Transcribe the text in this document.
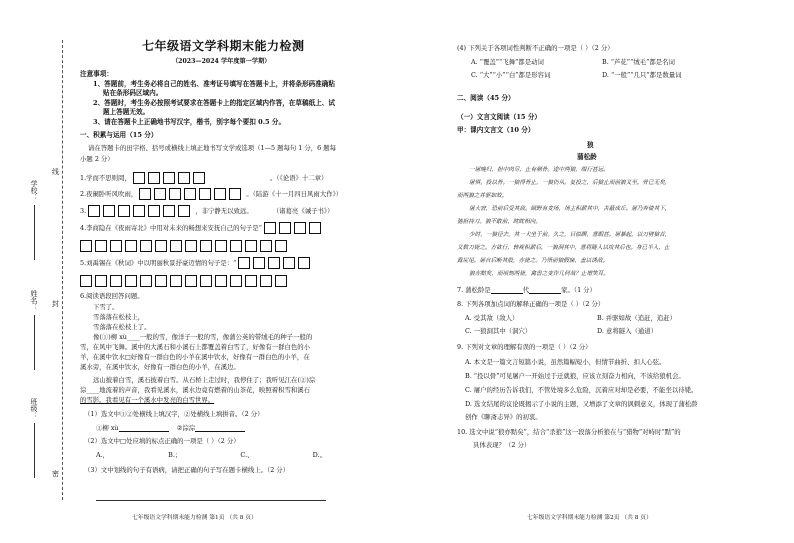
线
封
密
学校：
姓名：
班级：
七年级语文学科期末能力检测
（2023—2024 学年度第一学期）
注意事项：
1、答题前，考生务必将自己的姓名、准考证号填写在答题卡上，并将条形码准确粘
贴在条形码区域内。
2、答题时，考生务必按照考试要求在答题卡上的指定区域内作答，在草稿纸上、试
题上答题无效。
3、请在答题卡上正确地书写汉字，楷书，别字每个要扣 0.5 分。
一、积累与运用（15 分）
请在答题卡的田字格、括号或横线上填正地书写文学或选项（1—5 题每句 1 分，6 题每
小题 2 分）
1.学而不思则罔，	。（《论语》十二章）
2.夜阑卧听风吹雨，	。（陆游《十一月四日风雨大作》）
3.	，非宁静无以致远。	（诸葛亮《诫子书》）
4.李商隐在《夜雨寄北》中用对未来的畅想来安抚自己的句子是“
5.刘禹锡在《秋词》中以明丽秋景抒豪迈情的句子是：“
6.阅读语段回答问题。
下雪了。
雪落落在松枝上，
雪落落在松枝上了。
像(①)柳 xù____一般的雪，像洋子一般的雪，像蒲公英的带绒毛的种子一般的
雪，在风中飞舞。溪中的大溪石和小溪石上都覆盖着白雪了，好像有一群白色的小
羊，在溪中饮水□好像有一群白色的小羊在溪中饮水，好像有一群白色的小羊，在
溪水旁，在溪中饮水，好像有一群白色的小羊，在溪边。
远山披着白雪，溪石披着白雪。从石桥上走过时，我停住了；我听见江在(②)淙
淙____地流着的声音，我看见溪水，溪水边竟有燃着的山茶花，映照着积雪和溪石
的雪影。我看见有一个溪水中发亮的白雪世界。
（1）选文中①②处横线上填汉字，②处横线上填拼音。（2 分）
①柳 xù	②淙淙
（2）选文中□处应填的标点正确的一项是（ ）（2 分）
A.，	B.；	C.、	D.。
（3）文中划线的句子有语病，请把正确的句子写在题卡横线上。（2 分）
七年级语文学科期末能力检测 第1页 （共 8 页）
(4) 下列关于各项词性判断不正确的一项是（ ）（2 分）
A. “覆盖”“飞舞”都是动词	B. “芦花”“绒毛”都是名词
C. “大”“小”“白”都是形容词	D. “一般”“几只”都是数量词
二、阅读（45 分）
（一）文言文阅读（15 分）
甲：课内文言文（10 分）
狼
蒲松龄
一屠晚归，担中肉尽，止有剩骨。途中两狼，缀行甚远。
屠惧，投以骨。一狼得骨止，一狼仍从。复投之，后狼止而前狼又至。骨已无矣，
而两狼之并驱如故。
屠大窘，恐前后受其敌。顾野有麦场，场主积薪其中，苫蔽成丘。屠乃奔倚其下，
弛担持刀。狼不敢前，眈眈相向。
少时，一狼径去，其一犬坐于前。久之，目似瞑，意暇甚。屠暴起，以刀劈狼首，
又数刀毙之。方欲行，转视积薪后，一狼洞其中，意将隧入以攻其后也。身已半入，止
露尻尾。屠自后断其股，亦毙之。乃悟前狼假寐，盖以诱敌。
狼亦黠矣，而顷刻两毙，禽兽之变诈几何哉？止增笑耳。
7. 蒲松龄是	代	家。（1 分）
8. 下列各项加点词的解释正确的一项是（ ）（2 分）
A. 受其敌（敌人）	B. 并驱如故（追赶，追赶）
C. 一狼洞其中（洞穴）	D. 意将隧入（通道）
9. 下列对文章的理解有误的一项是（ ）（2 分）
A. 本文是一篇文言短篇小说，虽然篇幅短小，但情节曲折、扣人心弦。
B. “投以骨”可见屠户一开始过于迁就狼，应该立刻奋力相向，不该给狼机会。
C. 屠户的经历告诉我们，不管处境多么危险，沉着应对却是必要，不能坐以待毙。
D. 选文结尾的议论既揭示了小说的主题，又增添了文章的讽刺意义，体现了蒲松龄
创作《聊斋志异》的初衷。
10. 选文中说“狼亦黠矣”，结合“杀狼”这一段落分析狼在与“猎物”对峙时“黠”的
具体表现？（2 分）
七年级语文学科期末能力检测 第2页 （共 8 页）
